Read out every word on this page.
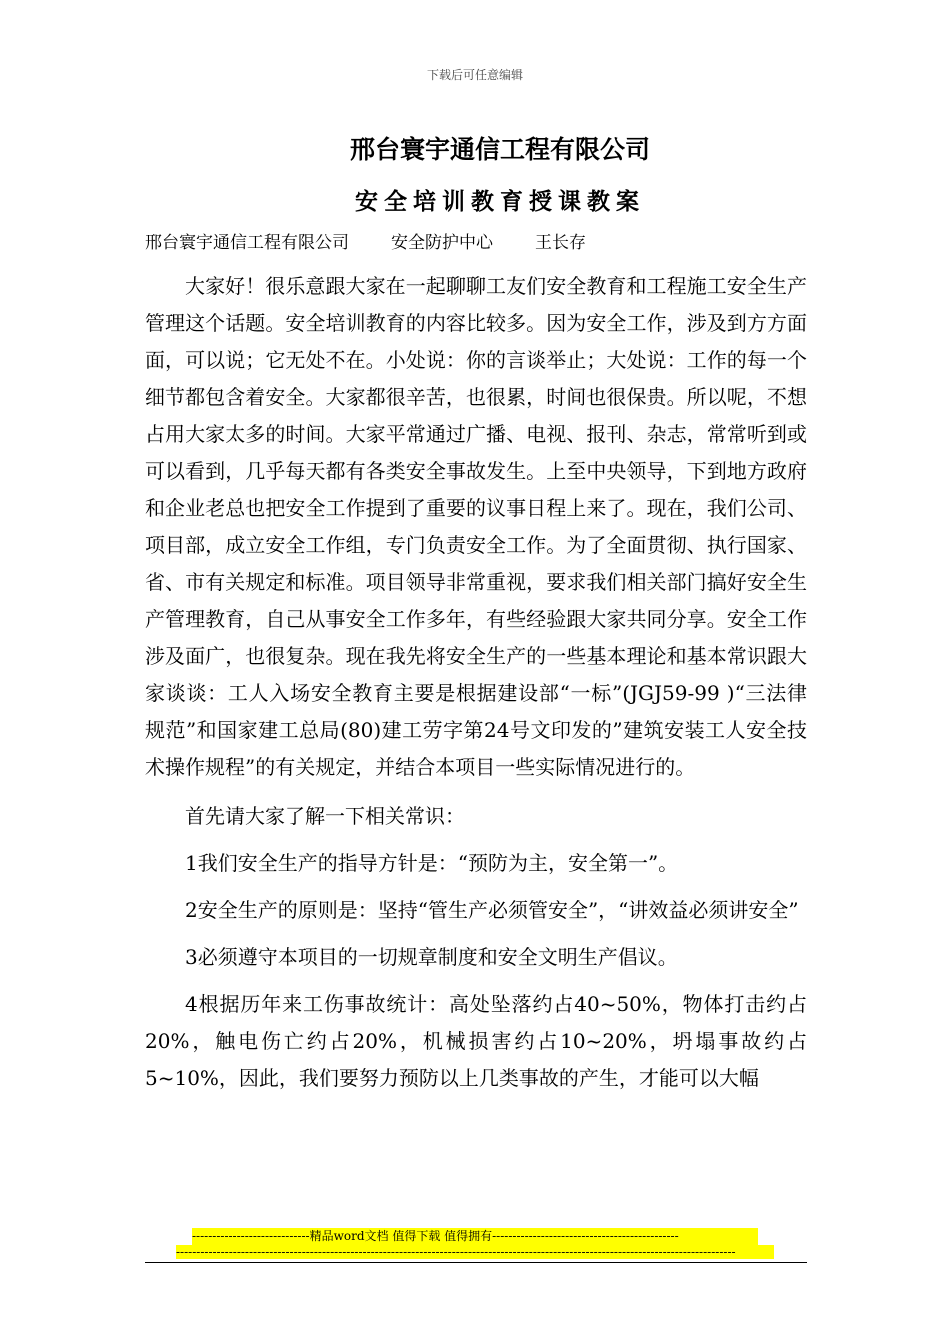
下载后可任意编辑
邢台寰宇通信工程有限公司
安全培训教育授课教案
邢台寰宇通信工程有限公司 安全防护中心 王长存

大家好！很乐意跟大家在一起聊聊工友们安全教育和工程施工安全生产管理这个话题。安全培训教育的内容比较多。因为安全工作，涉及到方方面面，可以说；它无处不在。小处说：你的言谈举止；大处说：工作的每一个细节都包含着安全。大家都很辛苦，也很累，时间也很保贵。所以呢，不想占用大家太多的时间。大家平常通过广播、电视、报刊、杂志，常常听到或可以看到，几乎每天都有各类安全事故发生。上至中央领导，下到地方政府和企业老总也把安全工作提到了重要的议事日程上来了。现在，我们公司、项目部，成立安全工作组，专门负责安全工作。为了全面贯彻、执行国家、省、市有关规定和标准。项目领导非常重视，要求我们相关部门搞好安全生产管理教育，自己从事安全工作多年，有些经验跟大家共同分享。安全工作涉及面广，也很复杂。现在我先将安全生产的一些基本理论和基本常识跟大家谈谈：工人入场安全教育主要是根据建设部“一标”(JGJ59-99 )“三法律规范”和国家建工总局(80)建工劳字第24号文印发的”建筑安装工人安全技术操作规程”的有关规定，并结合本项目一些实际情况进行的。

首先请大家了解一下相关常识：

1我们安全生产的指导方针是：“预防为主，安全第一”。

2安全生产的原则是：坚持“管生产必须管安全”，“讲效益必须讲安全”

3必须遵守本项目的一切规章制度和安全文明生产倡议。

4根据历年来工伤事故统计：高处坠落约占40~50%，物体打击约占20%，触电伤亡约占20%，机械损害约占10~20%，坍塌事故约占5~10%，因此，我们要努力预防以上几类事故的产生，才能可以大幅

-----------------------------精品word文档 值得下载 值得拥有----------------------------------------------
------------------------------------------------------------------------------------------------------------------------------------------
